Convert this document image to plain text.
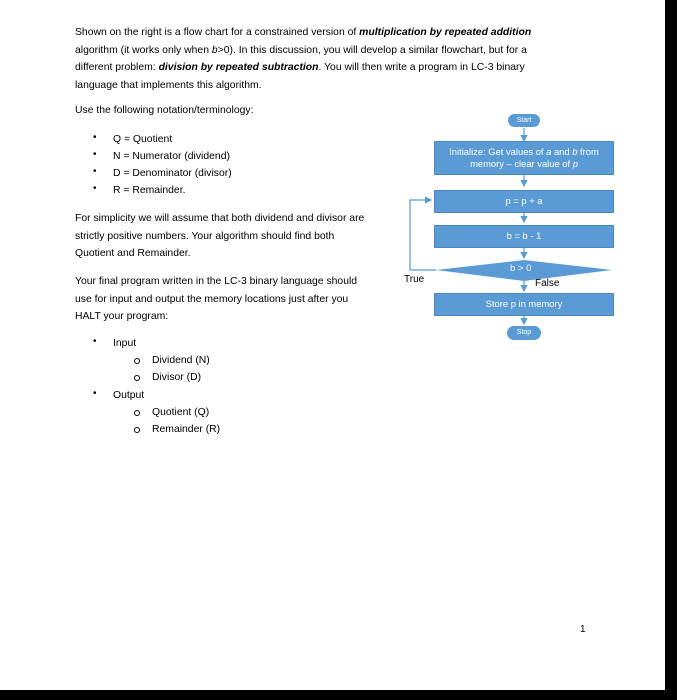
Shown on the right is a flow chart for a constrained version of multiplication by repeated addition
algorithm (it works only when b>0). In this discussion, you will develop a similar flowchart, but for a
different problem: division by repeated subtraction. You will then write a program in LC-3 binary
language that implements this algorithm.
Use the following notation/terminology:
• Q = Quotient
• N = Numerator (dividend)
• D = Denominator (divisor)
• R = Remainder.
For simplicity we will assume that both dividend and divisor are
strictly positive numbers. Your algorithm should find both
Quotient and Remainder.
Your final program written in the LC-3 binary language should
use for input and output the memory locations just after you
HALT your program:
• Input
Dividend (N)
Divisor (D)
• Output
Quotient (Q)
Remainder (R)
Start
Initialize: Get values of a and b from
memory – clear value of p
p = p + a
b = b - 1
b > 0
True	False
Store p in memory
Stop
1
